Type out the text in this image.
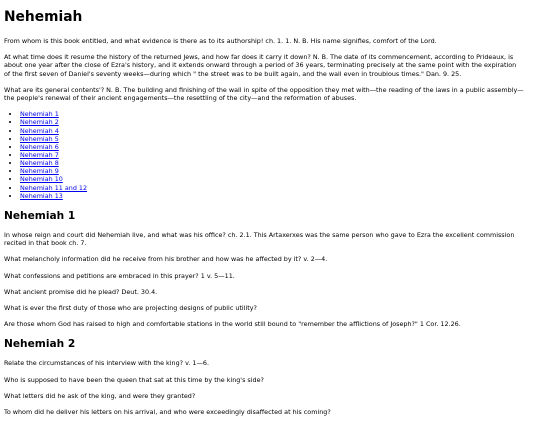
Nehemiah

From whom is this book entitled, and what evidence is there as to its authorship! ch. 1. 1. N. B. His name signifies, comfort of the Lord.

At what time does it resume the history of the returned Jews, and how far does it carry it down? N. B. The date of its commencement, according to Prideaux, is about one year after the close of Ezra's history, and it extends onward through a period of 36 years, terminating precisely at the same point with the expiration of the first seven of Daniel's seventy weeks—during which " the street was to be built again, and the wall even in troublous times." Dan. 9. 25.

What are its general contents'? N. B. The building and finishing of the wall in spite of the opposition they met with—the reading of the laws in a public assembly—the people's renewal of their ancient engagements—the resettling of the city—and the reformation of abuses.

• Nehemiah 1
• Nehemiah 2
• Nehemiah 4
• Nehemiah 5
• Nehemiah 6
• Nehemiah 7
• Nehemiah 8
• Nehemiah 9
• Nehemiah 10
• Nehemiah 11 and 12
• Nehemiah 13
Nehemiah 1

In whose reign and court did Nehemiah live, and what was his office? ch. 2.1. This Artaxerxes was the same person who gave to Ezra the excellent commission recited in that book ch. 7.

What melancholy information did he receive from his brother and how was he affected by it? v. 2—4.

What confessions and petitions are embraced in this prayer? 1 v. 5—11.

What ancient promise did he plead? Deut. 30.4.

What is ever the first duty of those who are projecting designs of public utility?

Are those whom God has raised to high and comfortable stations in the world still bound to "remember the afflictions of Joseph?" 1 Cor. 12.26.

Nehemiah 2

Relate the circumstances of his interview with the king? v. 1—6.

Who is supposed to have been the queen that sat at this time by the king's side?

What letters did he ask of the king, and were they granted?

To whom did he deliver his letters on his arrival, and who were exceedingly disaffected at his coming?
